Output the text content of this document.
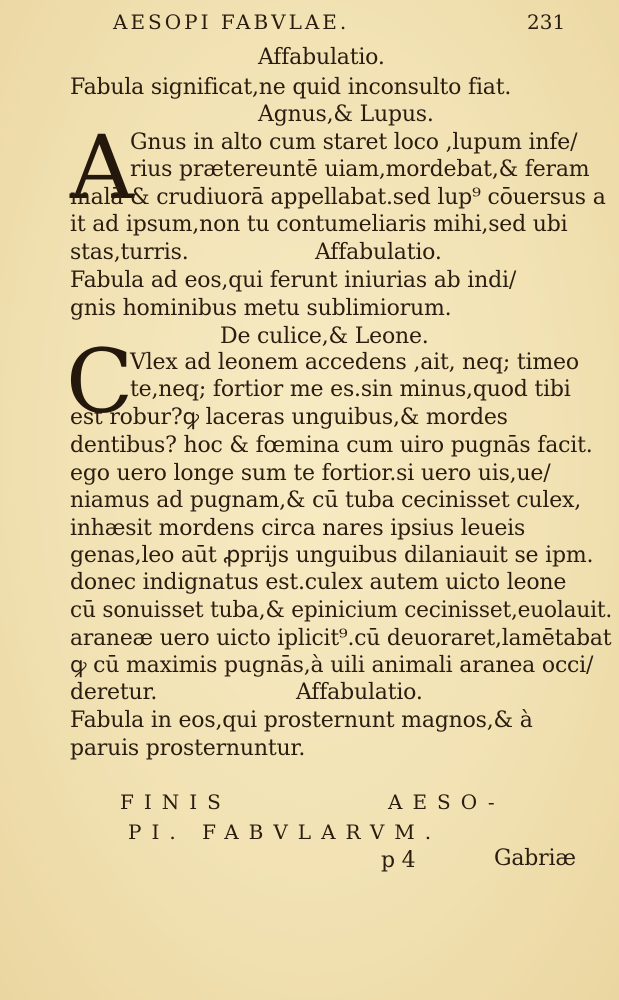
AESOPI FABVLAE.	231
Affabulatio.
Fabula significat,ne quid inconsulto fiat.
Agnus,& Lupus.
A
Gnus in alto cum staret loco ,lupum infe/
rius prætereuntē uiam,mordebat,& feram
malā & crudiuorā appellabat.sed lup⁹ cōuersus a
it ad ipsum,non tu contumeliaris mihi,sed ubi
stas,turris.	Affabulatio.
Fabula ad eos,qui ferunt iniurias ab indi/
gnis hominibus metu sublimiorum.
De culice,& Leone.
C
Vlex ad leonem accedens ,ait, neq; timeo
te,neq; fortior me es.sin minus,quod tibi
est robur?ꝙ laceras unguibus,& mordes
dentibus? hoc & fœmina cum uiro pugnās facit.
ego uero longe sum te fortior.si uero uis,ue/
niamus ad pugnam,& cū tuba cecinisset culex,
inhæsit mordens circa nares ipsius leueis
genas,leo aūt ꝓprijs unguibus dilaniauit se ipm.
donec indignatus est.culex autem uicto leone
cū sonuisset tuba,& epinicium cecinisset,euolauit.
araneæ uero uicto iplicit⁹.cū deuoraret,lamētabat
ꝙ cū maximis pugnās,à uili animali aranea occi/
deretur.	Affabulatio.
Fabula in eos,qui prosternunt magnos,& à
paruis prosternuntur.
FINIS	AESO-
PI. FABVLARVM.
p 4	Gabriæ
